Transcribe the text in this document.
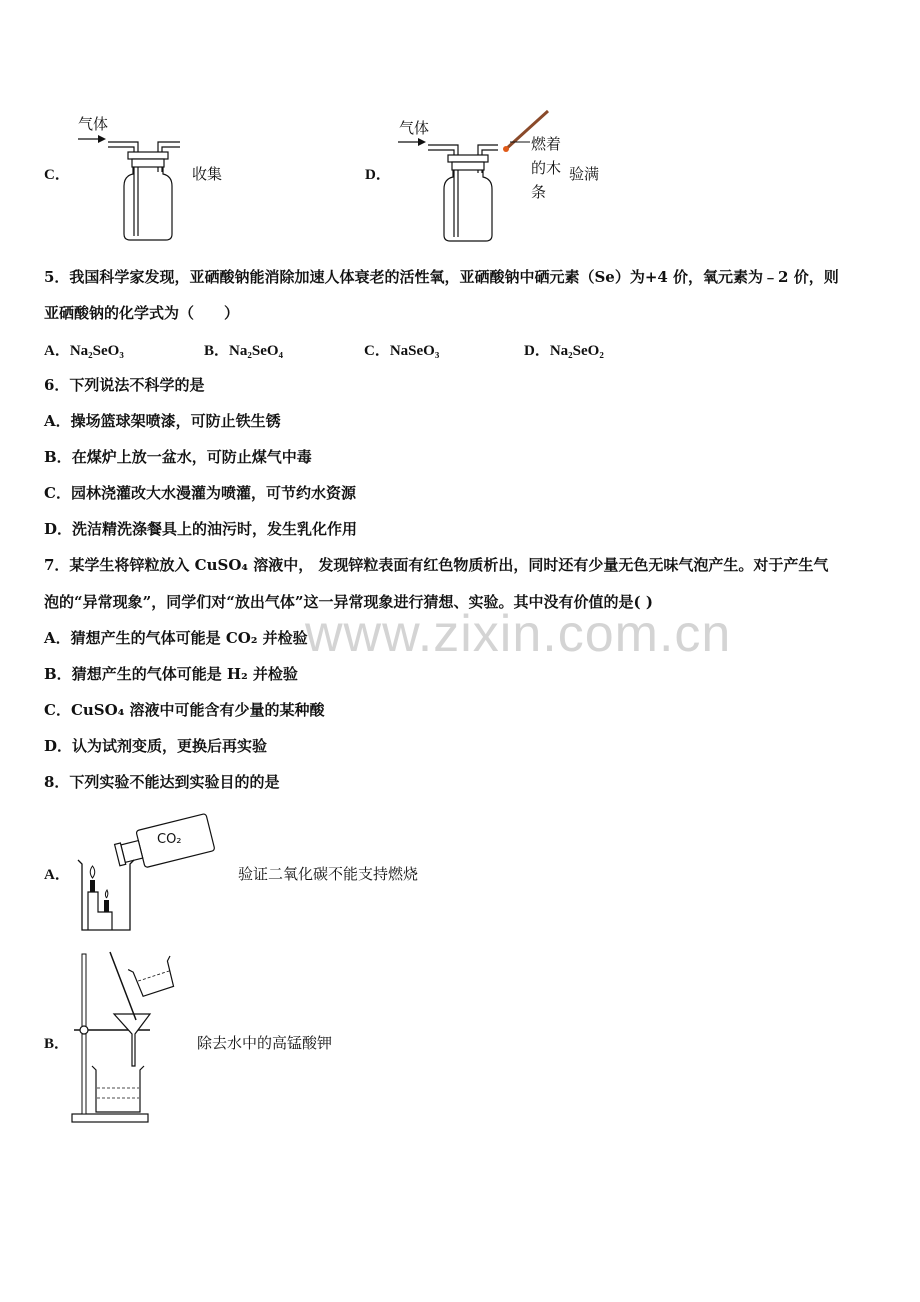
www.zixin.com.cn
C．
气体
收集	D．
气体
燃着
的木
条
验满
5．我国科学家发现，亚硒酸钠能消除加速人体衰老的活性氧，亚硒酸钠中硒元素（Se）为+4 价，氧元素为﹣2 价，则
亚硒酸钠的化学式为（　　）
A．Na₂SeO₃	B．Na₂SeO₄	C．NaSeO₃	D．Na₂SeO₂
6．下列说法不科学的是
A．操场篮球架喷漆，可防止铁生锈
B．在煤炉上放一盆水，可防止煤气中毒
C．园林浇灌改大水漫灌为喷灌，可节约水资源
D．洗洁精洗涤餐具上的油污时，发生乳化作用
7．某学生将锌粒放入 CuSO₄ 溶液中， 发现锌粒表面有红色物质析出，同时还有少量无色无味气泡产生。对于产生气
泡的“异常现象”，同学们对“放出气体”这一异常现象进行猜想、实验。其中没有价值的是( )
A．猜想产生的气体可能是 CO₂ 并检验
B．猜想产生的气体可能是 H₂ 并检验
C．CuSO₄ 溶液中可能含有少量的某种酸
D．认为试剂变质，更换后再实验
8．下列实验不能达到实验目的的是
A．
CO₂
验证二氧化碳不能支持燃烧
B．	除去水中的高锰酸钾
